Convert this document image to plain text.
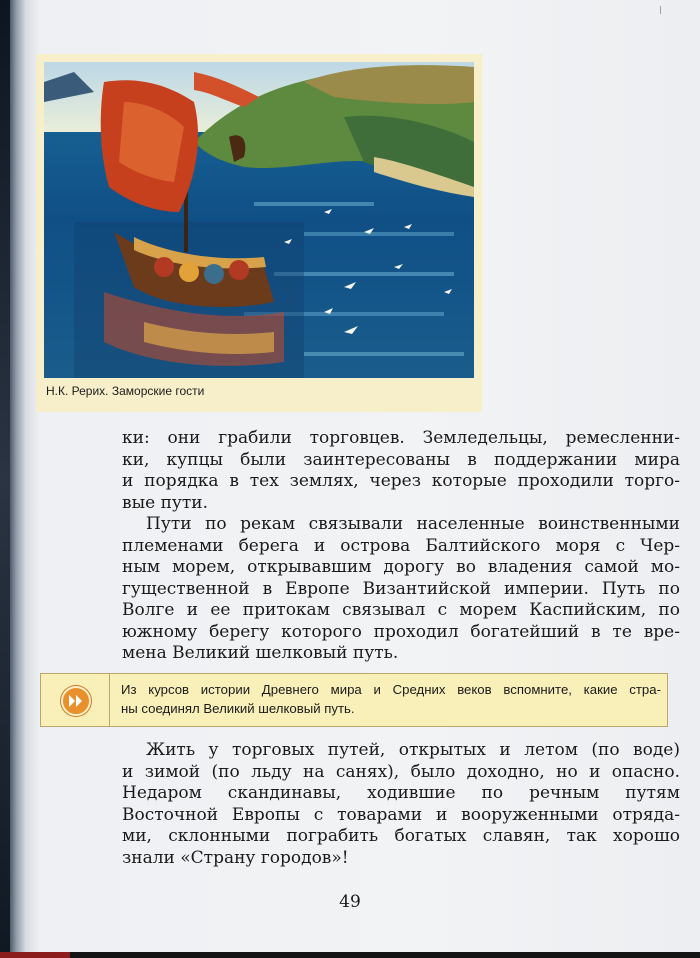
Н.К. Рерих. Заморские гости
ки: они грабили торговцев. Земледельцы, ремесленни-
ки, купцы были заинтересованы в поддержании мира
и порядка в тех землях, через которые проходили торго-
вые пути.
Пути по рекам связывали населенные воинственными
племенами берега и острова Балтийского моря с Чер-
ным морем, открывавшим дорогу во владения самой мо-
гущественной в Европе Византийской империи. Путь по
Волге и ее притокам связывал с морем Каспийским, по
южному берегу которого проходил богатейший в те вре-
мена Великий шелковый путь.
Из курсов истории Древнего мира и Средних веков вспомните, какие стра-
ны соединял Великий шелковый путь.
Жить у торговых путей, открытых и летом (по воде)
и зимой (по льду на санях), было доходно, но и опасно.
Недаром скандинавы, ходившие по речным путям
Восточной Европы с товарами и вооруженными отряда-
ми, склонными пограбить богатых славян, так хорошо
знали «Страну городов»!
49
